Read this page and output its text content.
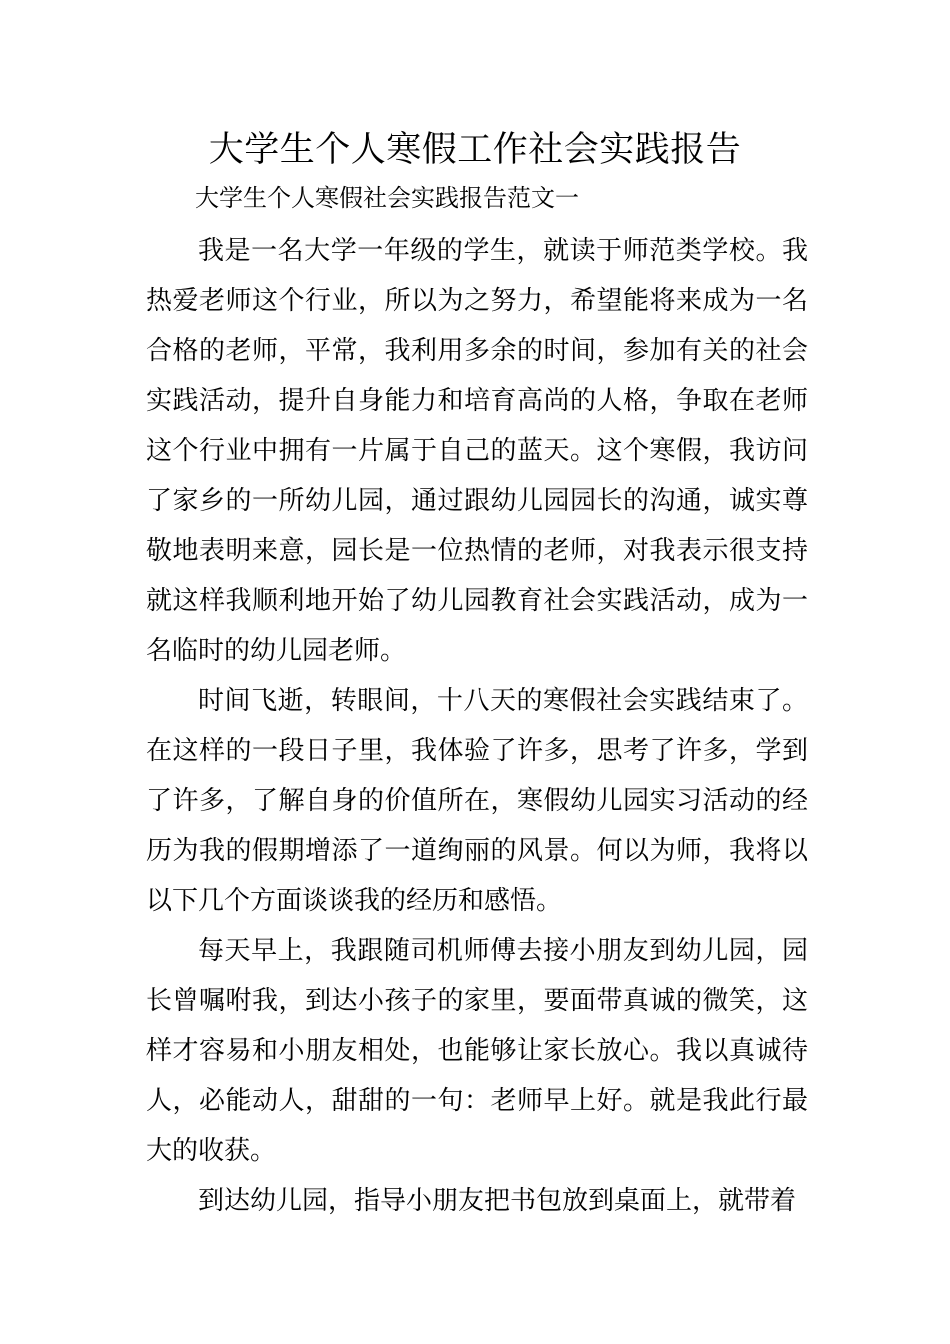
大学生个人寒假工作社会实践报告

大学生个人寒假社会实践报告范文一

我是一名大学一年级的学生，就读于师范类学校。我热爱老师这个行业，所以为之努力，希望能将来成为一名合格的老师，平常，我利用多余的时间，参加有关的社会实践活动，提升自身能力和培育高尚的人格，争取在老师这个行业中拥有一片属于自己的蓝天。这个寒假，我访问了家乡的一所幼儿园，通过跟幼儿园园长的沟通，诚实尊敬地表明来意，园长是一位热情的老师，对我表示很支持就这样我顺利地开始了幼儿园教育社会实践活动，成为一名临时的幼儿园老师。

时间飞逝，转眼间，十八天的寒假社会实践结束了。在这样的一段日子里，我体验了许多，思考了许多，学到了许多，了解自身的价值所在，寒假幼儿园实习活动的经历为我的假期增添了一道绚丽的风景。何以为师，我将以以下几个方面谈谈我的经历和感悟。

每天早上，我跟随司机师傅去接小朋友到幼儿园，园长曾嘱咐我，到达小孩子的家里，要面带真诚的微笑，这样才容易和小朋友相处，也能够让家长放心。我以真诚待人，必能动人，甜甜的一句：老师早上好。就是我此行最大的收获。

到达幼儿园，指导小朋友把书包放到桌面上，就带着
